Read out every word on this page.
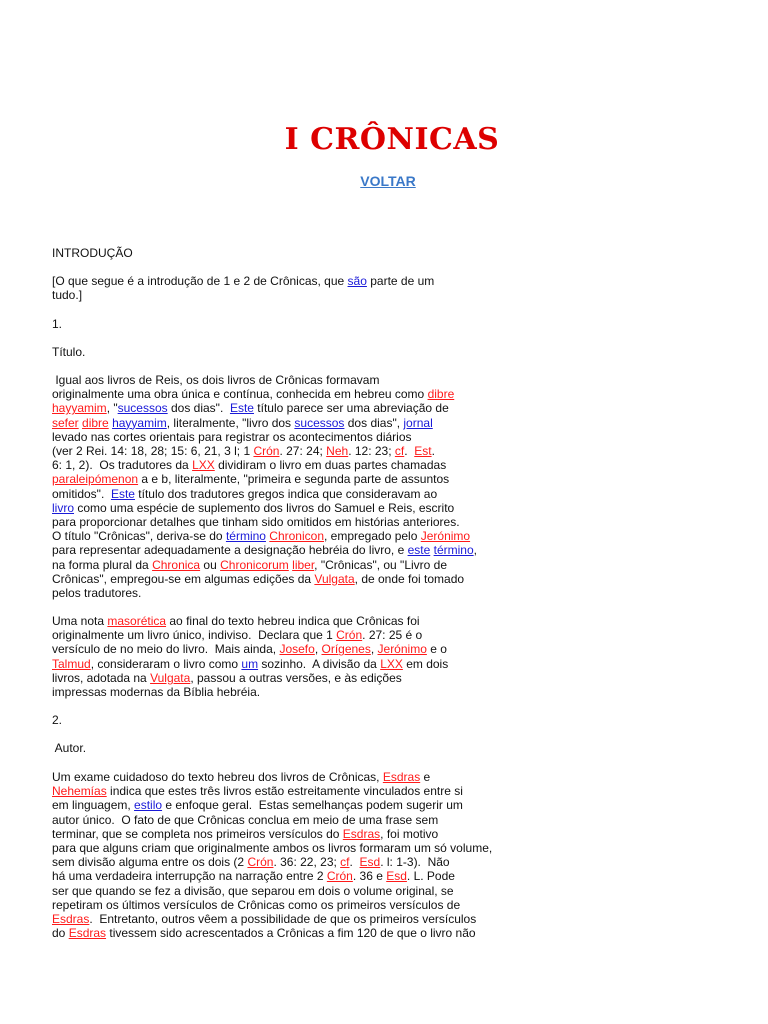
I CRÔNICAS
VOLTAR
INTRODUÇÃO
[O que segue é a introdução de 1 e 2 de Crônicas, que são parte de um
tudo.]
1.
Título.
Igual aos livros de Reis, os dois livros de Crônicas formavam
originalmente uma obra única e contínua, conhecida em hebreu como dibre
hayyamim, "sucessos dos dias".  Este título parece ser uma abreviação de
sefer dibre hayyamim, literalmente, "livro dos sucessos dos dias", jornal
levado nas cortes orientais para registrar os acontecimentos diários
(ver 2 Rei. 14: 18, 28; 15: 6, 21, 3 l; 1 Crón. 27: 24; Neh. 12: 23; cf.  Est.
6: 1, 2).  Os tradutores da LXX dividiram o livro em duas partes chamadas
paraleipómenon a e b, literalmente, "primeira e segunda parte de assuntos
omitidos".  Este título dos tradutores gregos indica que consideravam ao
livro como uma espécie de suplemento dos livros do Samuel e Reis, escrito
para proporcionar detalhes que tinham sido omitidos em histórias anteriores.
O título "Crônicas", deriva-se do término Chronicon, empregado pelo Jerónimo
para representar adequadamente a designação hebréia do livro, e este término,
na forma plural da Chronica ou Chronicorum liber, "Crônicas", ou "Livro de
Crônicas", empregou-se em algumas edições da Vulgata, de onde foi tomado
pelos tradutores.
Uma nota masorética ao final do texto hebreu indica que Crônicas foi
originalmente um livro único, indiviso.  Declara que 1 Crón. 27: 25 é o
versículo de no meio do livro.  Mais ainda, Josefo, Orígenes, Jerónimo e o
Talmud, consideraram o livro como um sozinho.  A divisão da LXX em dois
livros, adotada na Vulgata, passou a outras versões, e às edições
impressas modernas da Bíblia hebréia.
2.
Autor.
Um exame cuidadoso do texto hebreu dos livros de Crônicas, Esdras e
Nehemías indica que estes três livros estão estreitamente vinculados entre si
em linguagem, estilo e enfoque geral.  Estas semelhanças podem sugerir um
autor único.  O fato de que Crônicas conclua em meio de uma frase sem
terminar, que se completa nos primeiros versículos do Esdras, foi motivo
para que alguns criam que originalmente ambos os livros formaram um só volume,
sem divisão alguma entre os dois (2 Crón. 36: 22, 23; cf.  Esd. l: 1-3).  Não
há uma verdadeira interrupção na narração entre 2 Crón. 36 e Esd. L. Pode
ser que quando se fez a divisão, que separou em dois o volume original, se
repetiram os últimos versículos de Crônicas como os primeiros versículos de
Esdras.  Entretanto, outros vêem a possibilidade de que os primeiros versículos
do Esdras tivessem sido acrescentados a Crônicas a fim 120 de que o livro não
